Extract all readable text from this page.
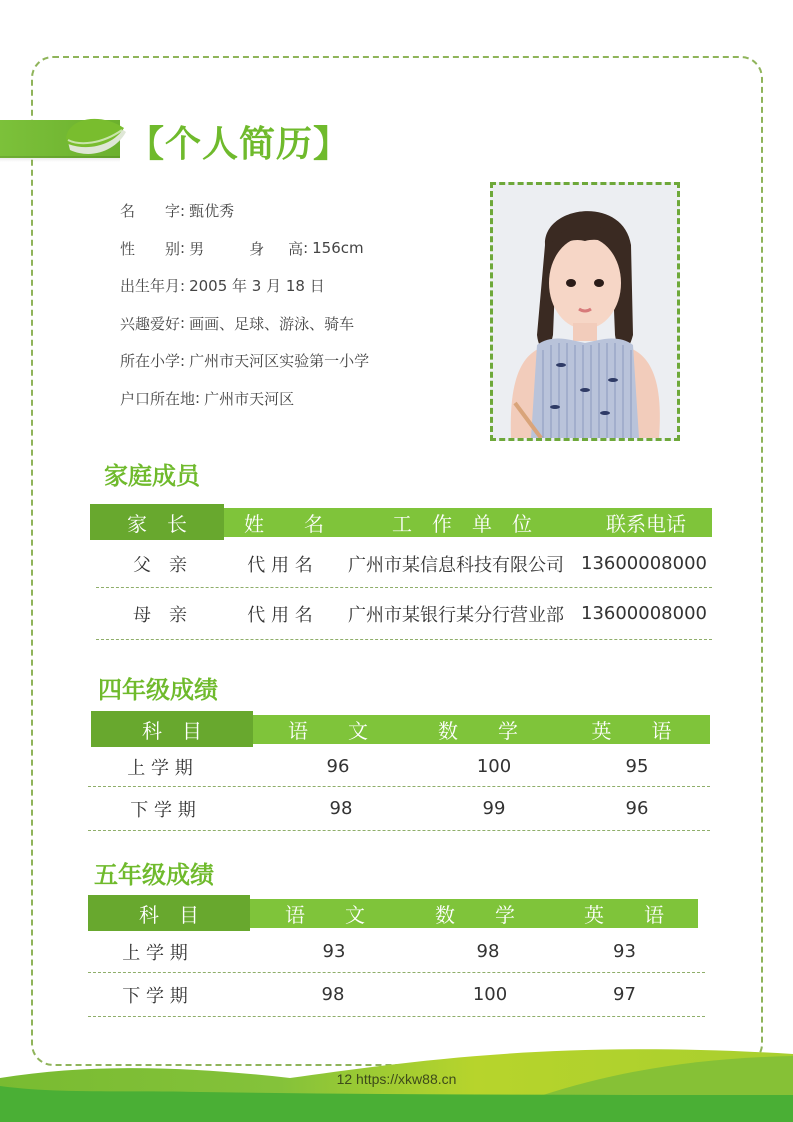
【个人简历】
名 字 : 甄优秀
性 别 : 男	身 高 : 156cm
出生年月 : 2005 年 3 月 18 日
兴趣爱好 : 画画、足球、游泳、骑车
所在小学 : 广州市天河区实验第一小学
户口所在地 : 广州市天河区
家庭成员
家　长	姓　　名	工　作　单　位	联系电话
父　亲	代 用 名	广州市某信息科技有限公司 13600008000
母　亲	代 用 名	广州市某银行某分行营业部 13600008000
四年级成绩
科　目	语　　文	数　　学	英　　语
上 学 期	96	100	95
下 学 期	98	99	96
五年级成绩
科　目	语　　文	数　　学	英　　语
上 学 期	93	98	93
下 学 期	98	100	97
12 https://xkw88.cn
